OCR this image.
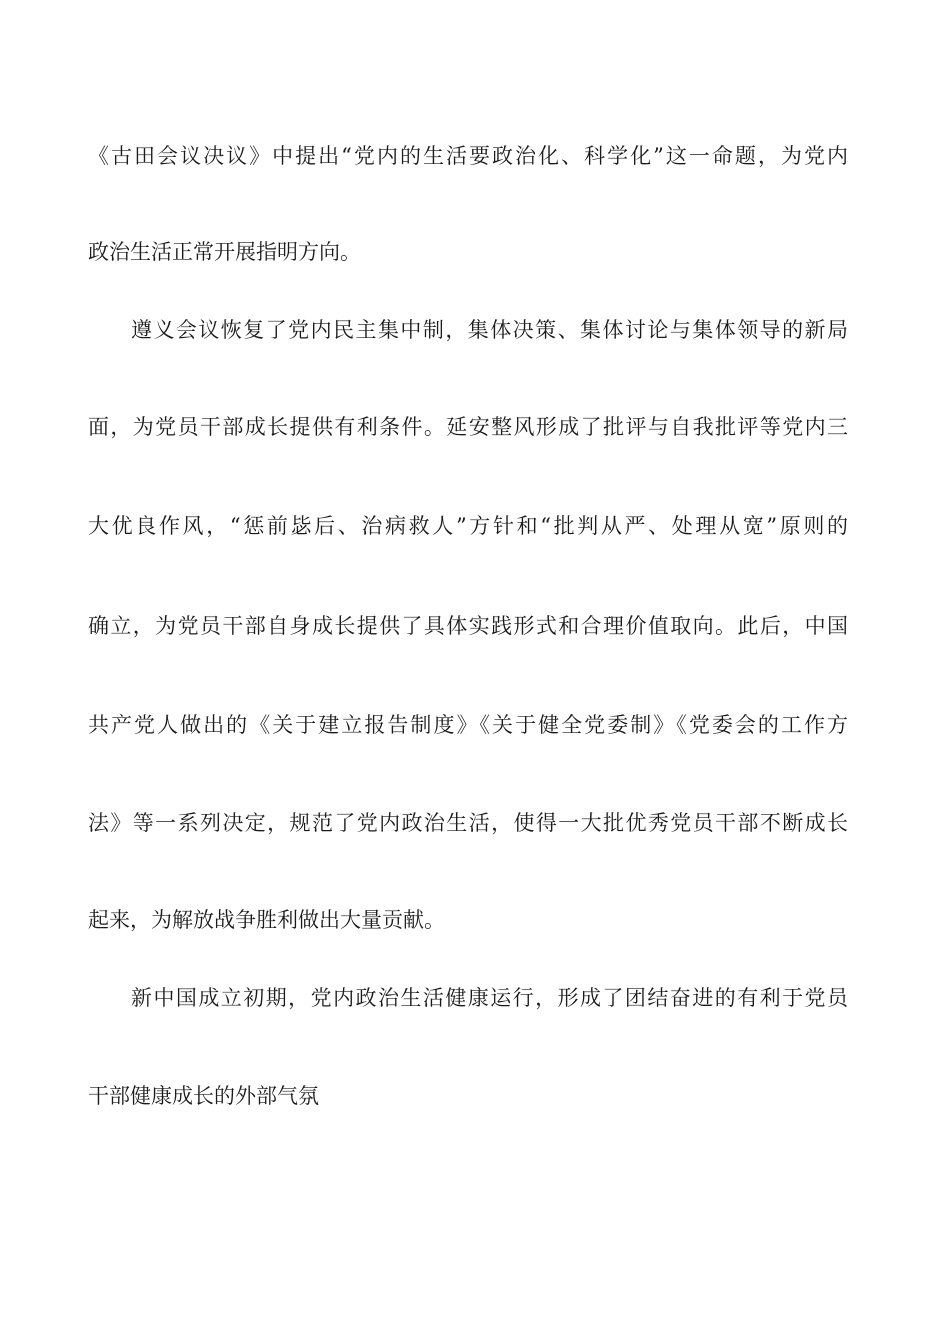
《古田会议决议》中提出“党内的生活要政治化、科学化”这一命题，为党内
政治生活正常开展指明方向。
遵义会议恢复了党内民主集中制，集体决策、集体讨论与集体领导的新局
面，为党员干部成长提供有利条件。延安整风形成了批评与自我批评等党内三
大优良作风，“惩前毖后、治病救人”方针和“批判从严、处理从宽”原则的
确立，为党员干部自身成长提供了具体实践形式和合理价值取向。此后，中国
共产党人做出的《关于建立报告制度》《关于健全党委制》《党委会的工作方
法》等一系列决定，规范了党内政治生活，使得一大批优秀党员干部不断成长
起来，为解放战争胜利做出大量贡献。
新中国成立初期，党内政治生活健康运行，形成了团结奋进的有利于党员
干部健康成长的外部气氛
